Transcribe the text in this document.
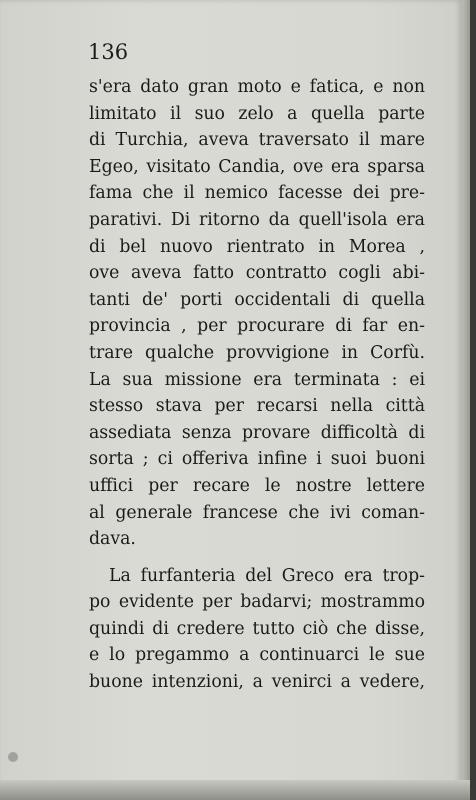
136

s'era dato gran moto e fatica, e non
limitato il suo zelo a quella parte
di Turchia, aveva traversato il mare
Egeo, visitato Candia, ove era sparsa
fama che il nemico facesse dei pre-
parativi. Di ritorno da quell'isola era
di bel nuovo rientrato in Morea ,
ove aveva fatto contratto cogli abi-
tanti de' porti occidentali di quella
provincia , per procurare di far en-
trare qualche provvigione in Corfù.
La sua missione era terminata : ei
stesso stava per recarsi nella città
assediata senza provare difficoltà di
sorta ; ci offeriva infine i suoi buoni
uffici per recare le nostre lettere
al generale francese che ivi coman-
dava.
La furfanteria del Greco era trop-
po evidente per badarvi; mostrammo
quindi di credere tutto ciò che disse,
e lo pregammo a continuarci le sue
buone intenzioni, a venirci a vedere,
